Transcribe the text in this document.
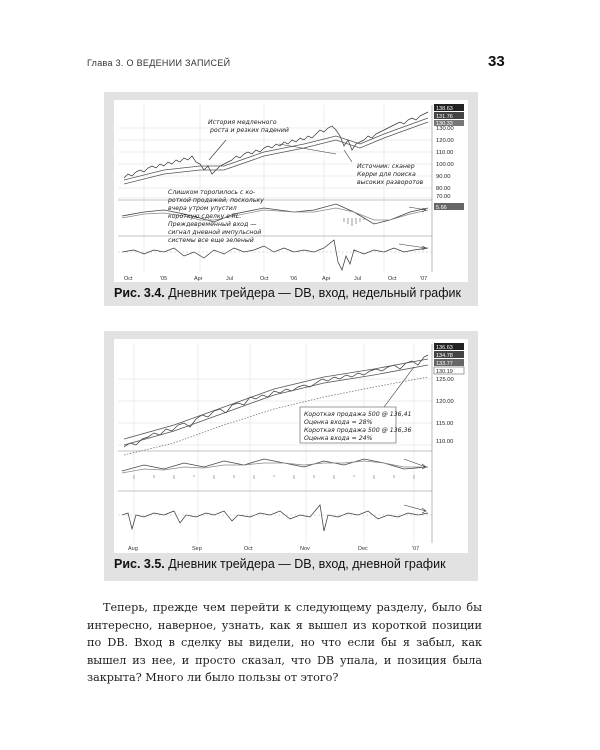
Глава 3. О ВЕДЕНИИ ЗАПИСЕЙ	33
История медленного
роста и резких падений
Источник: сканер
Керри для поиска
высоких разворотов
Слишком торопилось с ко-
роткой продажей, поскольку
вчера утром упустил
короткую сделку с RL.
Преждевременный вход —
сигнал дневной импульсной
системы все еще зеленый
130.00
120.00
110.00
100.00
90.00
80.00
70.00
138.63
131.76
130.33
5.66
Oct	'05	Apr	Jul	Oct	'06	Apr	Jul	Oct	'07
Рис. 3.4. Дневник трейдера — DB, вход, недельный график
Короткая продажа 500 @ 136,41
Оценка входа = 28%
Короткая продажа 500 @ 136,36
Оценка входа = 24%
125.00
120.00
115.00
110.00
136.63
134.78
133.77
130.19
Aug	Sep	Oct	Nov	Dec	'07
Рис. 3.5. Дневник трейдера — DB, вход, дневной график

Теперь, прежде чем перейти к следующему разделу, было бы интересно, наверное, узнать, как я вышел из короткой позиции по DB. Вход в сделку вы видели, но что если бы я забыл, как вышел из нее, и просто сказал, что DB упала, и позиция была закрыта? Много ли было пользы от этого?
